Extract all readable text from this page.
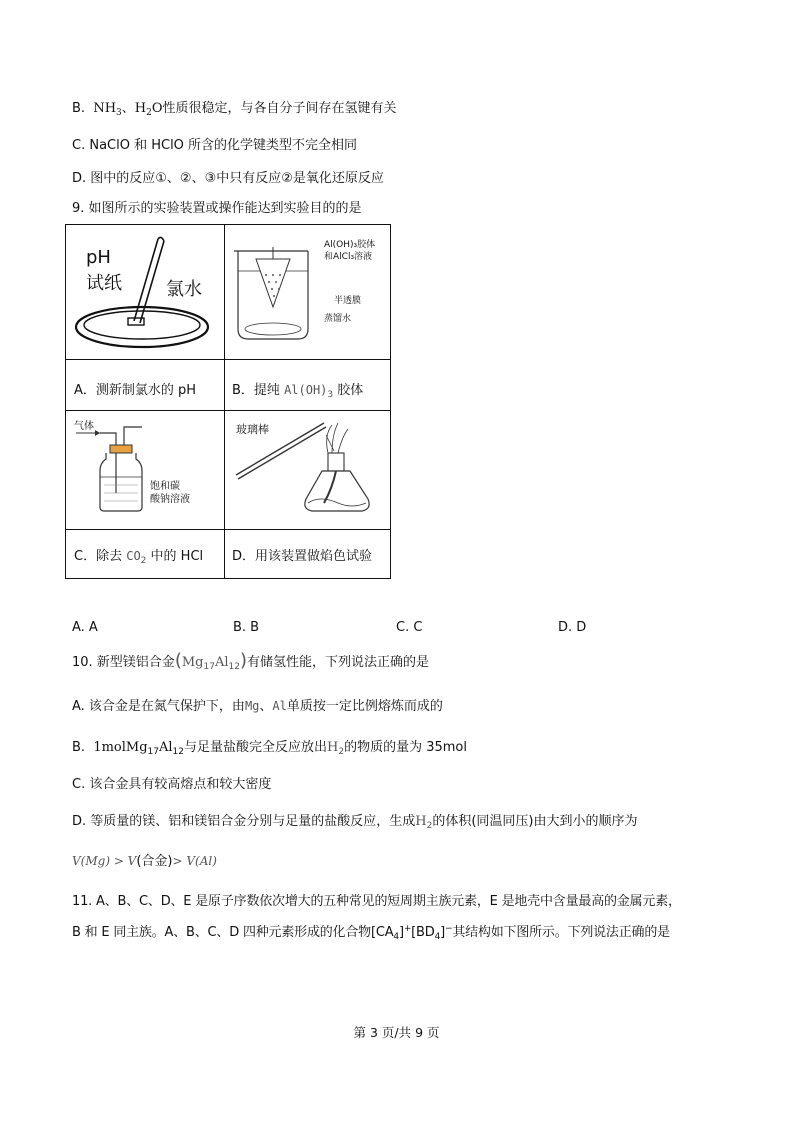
B. $NH_3$、$H_2O$性质很稳定，与各自分子间存在氢键有关
C. NaClO 和 HClO 所含的化学键类型不完全相同
D. 图中的反应①、②、③中只有反应②是氧化还原反应
9. 如图所示的实验装置或操作能达到实验目的的是
pH
试纸 氯水
Al(OH)₃胶体
和AlCl₃溶液
半透膜
蒸馏水
A．测新制氯水的 pH	B．提纯 $Al(OH)_3$ 胶体
气体
饱和碳
酸钠溶液
玻璃棒
C．除去 $CO_2$ 中的 HCl D．用该装置做焰色试验
A. A	B. B	C. C	D. D
10. 新型镁铝合金$(Mg_{17}Al_{12})$有储氢性能，下列说法正确的是
A. 该合金是在氮气保护下，由Mg、Al单质按一定比例熔炼而成的
B. $1molMg_{17}Al_{12}$与足量盐酸完全反应放出$H_2$的物质的量为 35mol
C. 该合金具有较高熔点和较大密度
D. 等质量的镁、铝和镁铝合金分别与足量的盐酸反应，生成$H_2$的体积(同温同压)由大到小的顺序为
V(Mg) > V(合金)> V(Al)
11. A、B、C、D、E 是原子序数依次增大的五种常见的短周期主族元素，E 是地壳中含量最高的金属元素，
B 和 E 同主族。A、B、C、D 四种元素形成的化合物$[CA_4]^+[BD_4]^-$其结构如下图所示。下列说法正确的是
第 3 页/共 9 页
